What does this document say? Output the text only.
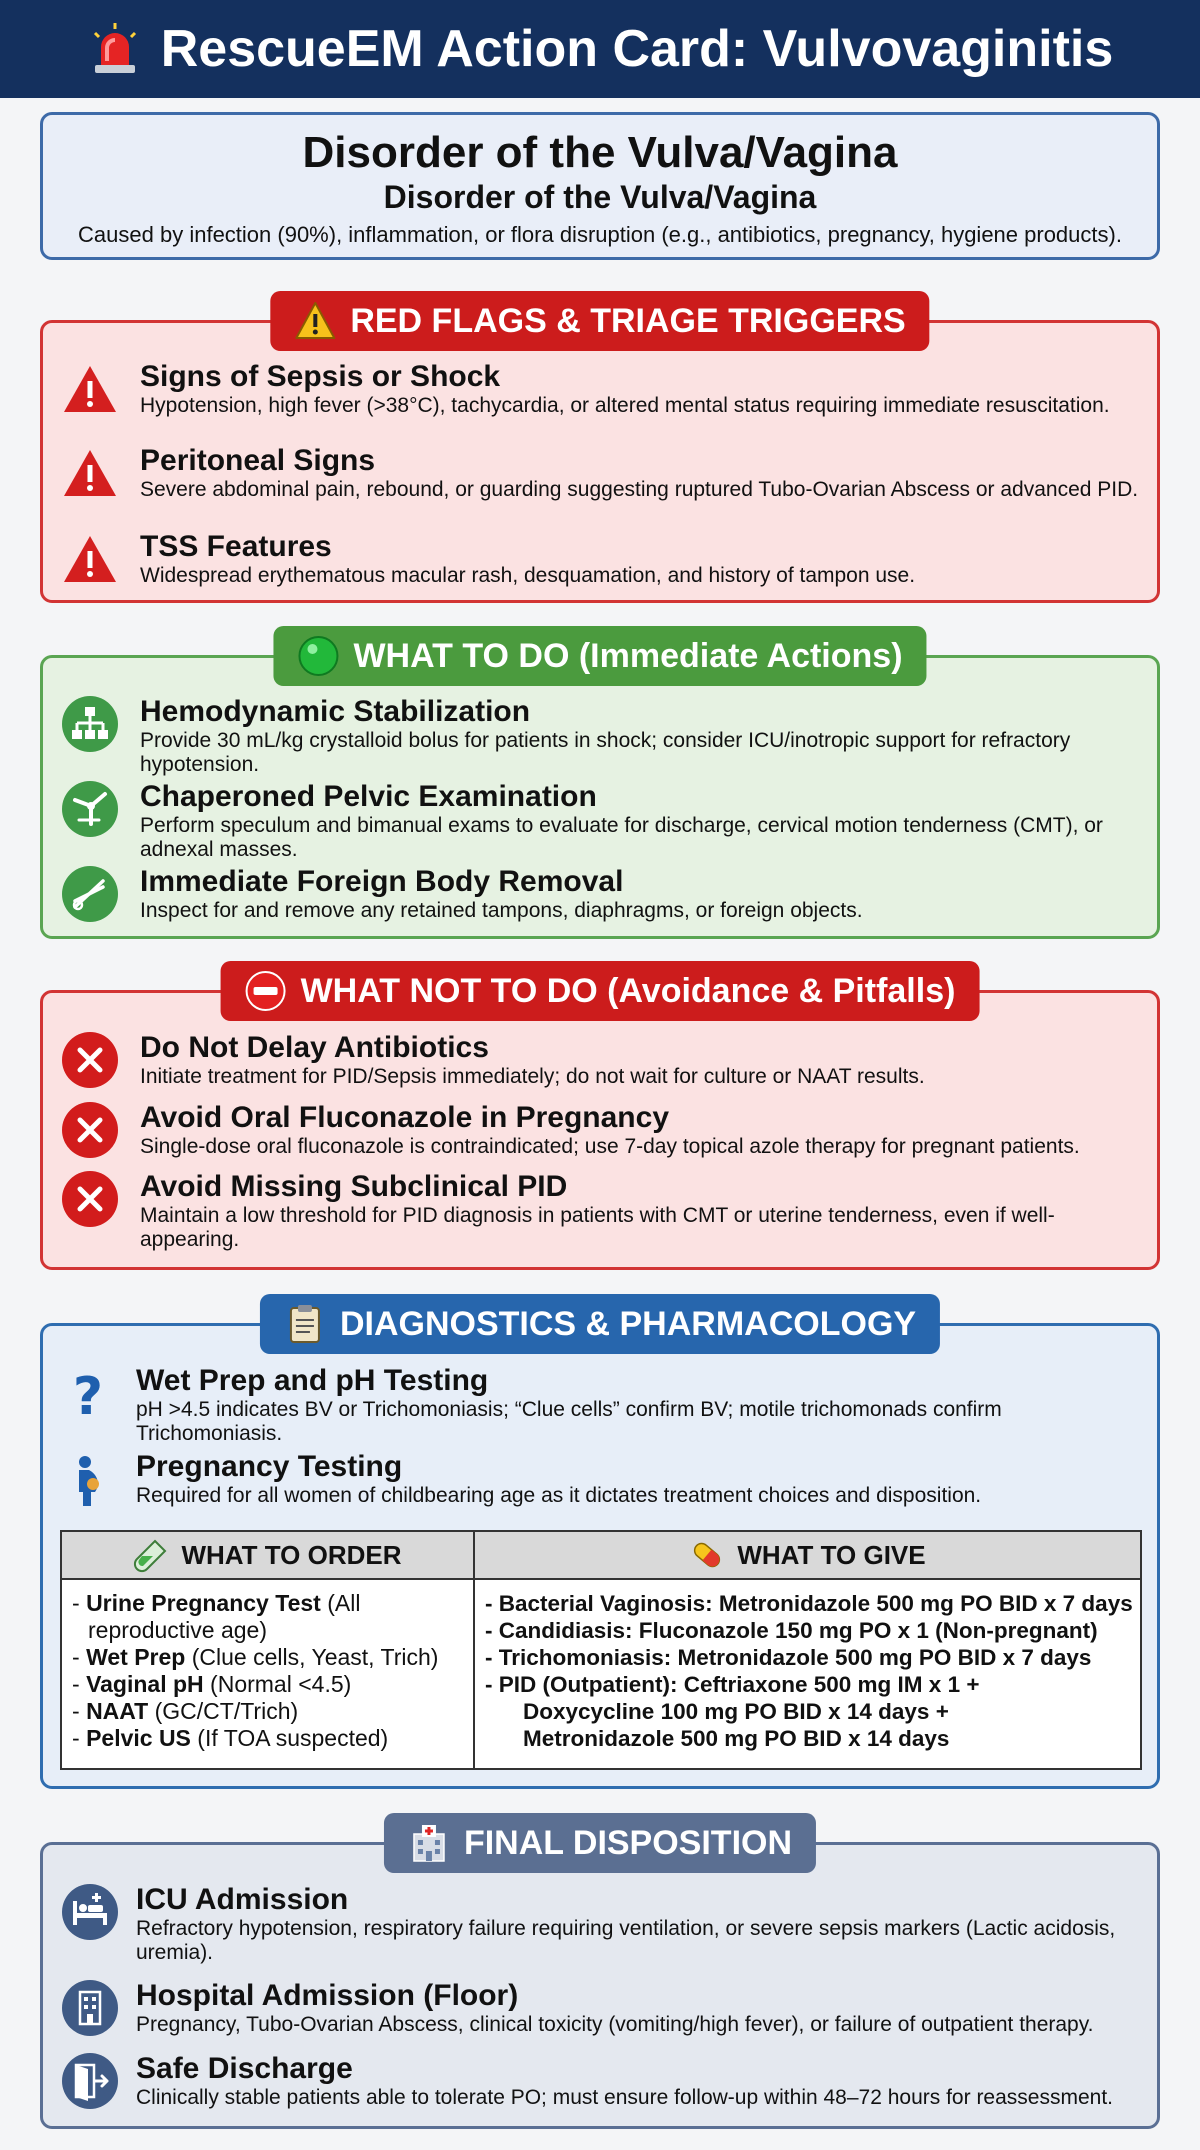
RescueEM Action Card: Vulvovaginitis
Disorder of the Vulva/Vagina
Disorder of the Vulva/Vagina
Caused by infection (90%), inflammation, or flora disruption (e.g., antibiotics, pregnancy, hygiene products).
RED FLAGS & TRIAGE TRIGGERS
Signs of Sepsis or Shock
Hypotension, high fever (>38°C), tachycardia, or altered mental status requiring immediate resuscitation.
Peritoneal Signs
Severe abdominal pain, rebound, or guarding suggesting ruptured Tubo-Ovarian Abscess or advanced PID.
TSS Features
Widespread erythematous macular rash, desquamation, and history of tampon use.
WHAT TO DO (Immediate Actions)
Hemodynamic Stabilization
Provide 30 mL/kg crystalloid bolus for patients in shock; consider ICU/inotropic support for refractory hypotension.
Chaperoned Pelvic Examination
Perform speculum and bimanual exams to evaluate for discharge, cervical motion tenderness (CMT), or adnexal masses.
Immediate Foreign Body Removal
Inspect for and remove any retained tampons, diaphragms, or foreign objects.
WHAT NOT TO DO (Avoidance & Pitfalls)
Do Not Delay Antibiotics
Initiate treatment for PID/Sepsis immediately; do not wait for culture or NAAT results.
Avoid Oral Fluconazole in Pregnancy
Single-dose oral fluconazole is contraindicated; use 7-day topical azole therapy for pregnant patients.
Avoid Missing Subclinical PID
Maintain a low threshold for PID diagnosis in patients with CMT or uterine tenderness, even if well-appearing.
DIAGNOSTICS & PHARMACOLOGY
? Wet Prep and pH Testing
pH >4.5 indicates BV or Trichomoniasis; “Clue cells” confirm BV; motile trichomonads confirm Trichomoniasis.
Pregnancy Testing
Required for all women of childbearing age as it dictates treatment choices and disposition.
WHAT TO ORDER	WHAT TO GIVE
- Urine Pregnancy Test (All reproductive age)
- Wet Prep (Clue cells, Yeast, Trich)
- Vaginal pH (Normal <4.5)
- NAAT (GC/CT/Trich)
- Pelvic US (If TOA suspected)
- Bacterial Vaginosis: Metronidazole 500 mg PO BID x 7 days
- Candidiasis: Fluconazole 150 mg PO x 1 (Non-pregnant)
- Trichomoniasis: Metronidazole 500 mg PO BID x 7 days
- PID (Outpatient): Ceftriaxone 500 mg IM x 1 +
Doxycycline 100 mg PO BID x 14 days +
Metronidazole 500 mg PO BID x 14 days
FINAL DISPOSITION
ICU Admission
Refractory hypotension, respiratory failure requiring ventilation, or severe sepsis markers (Lactic acidosis, uremia).
Hospital Admission (Floor)
Pregnancy, Tubo-Ovarian Abscess, clinical toxicity (vomiting/high fever), or failure of outpatient therapy.
Safe Discharge
Clinically stable patients able to tolerate PO; must ensure follow-up within 48–72 hours for reassessment.
